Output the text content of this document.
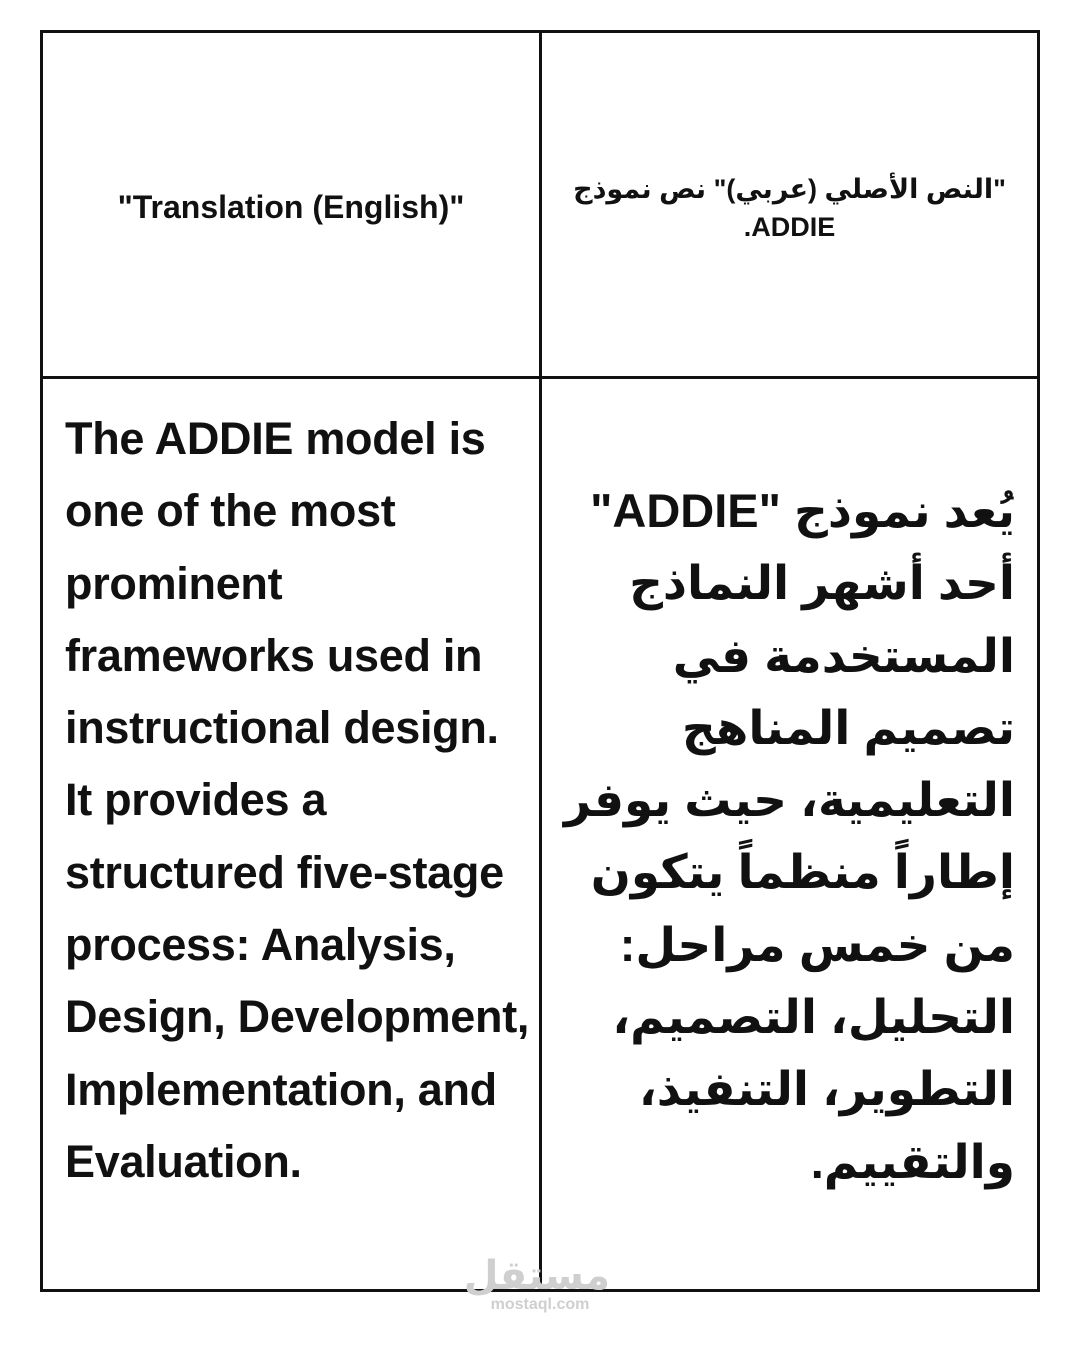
"Translation (English)"	"النص الأصلي (عربي)" نص نموذج ADDIE.
The ADDIE model is one of the most prominent frameworks used in instructional design. It provides a structured five-stage process: Analysis, Design, Development, Implementation, and Evaluation.
يُعد نموذج "ADDIE" أحد أشهر النماذج المستخدمة في تصميم المناهج التعليمية، حيث يوفر إطاراً منظماً يتكون من خمس مراحل: التحليل، التصميم، التطوير، التنفيذ، والتقييم.
مستقل
mostaql.com
